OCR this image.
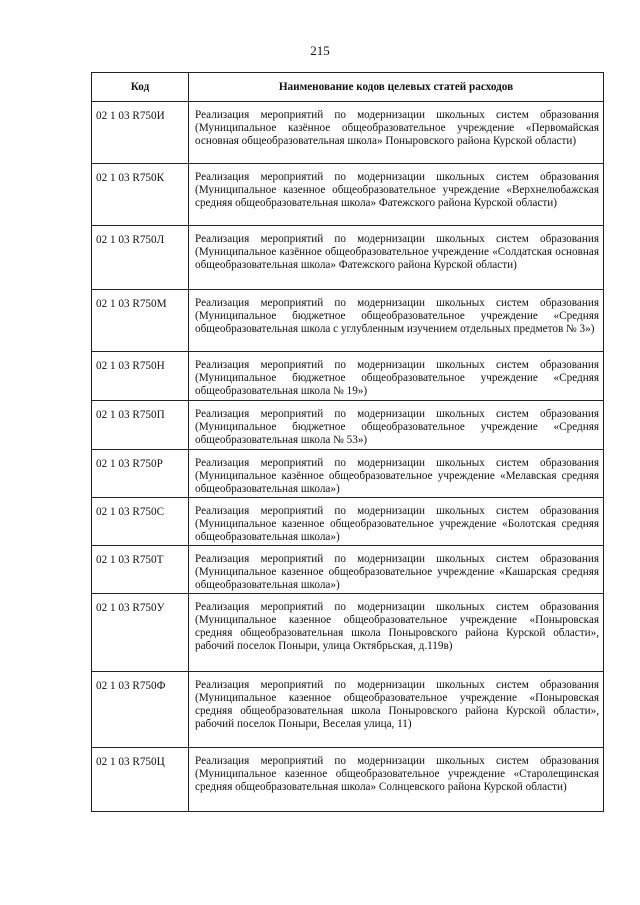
215
Код	Наименование кодов целевых статей расходов
02 1 03 R750И	Реализация мероприятий по модернизации школьных систем образования (Муниципальное казённое общеобразовательное учреждение «Первомайская основная общеобразовательная школа» Поныровского района Курской области)
02 1 03 R750К	Реализация мероприятий по модернизации школьных систем образования (Муниципальное казенное общеобразовательное учреждение «Верхнелюбажская средняя общеобразовательная школа» Фатежского района Курской области)
02 1 03 R750Л	Реализация мероприятий по модернизации школьных систем образования (Муниципальное казённое общеобразовательное учреждение «Солдатская основная общеобразовательная школа» Фатежского района Курской области)
02 1 03 R750М	Реализация мероприятий по модернизации школьных систем образования (Муниципальное бюджетное общеобразовательное учреждение «Средняя общеобразовательная школа с углубленным изучением отдельных предметов № 3»)
02 1 03 R750Н	Реализация мероприятий по модернизации школьных систем образования (Муниципальное бюджетное общеобразовательное учреждение «Средняя общеобразовательная школа № 19»)
02 1 03 R750П	Реализация мероприятий по модернизации школьных систем образования (Муниципальное бюджетное общеобразовательное учреждение «Средняя общеобразовательная школа № 53»)
02 1 03 R750Р	Реализация мероприятий по модернизации школьных систем образования (Муниципальное казённое общеобразовательное учреждение «Мелавская средняя общеобразовательная школа»)
02 1 03 R750С	Реализация мероприятий по модернизации школьных систем образования (Муниципальное казенное общеобразовательное учреждение «Болотская средняя общеобразовательная школа»)
02 1 03 R750Т	Реализация мероприятий по модернизации школьных систем образования (Муниципальное казенное общеобразовательное учреждение «Кашарская средняя общеобразовательная школа»)
02 1 03 R750У	Реализация мероприятий по модернизации школьных систем образования (Муниципальное казенное общеобразовательное учреждение «Поныровская средняя общеобразовательная школа Поныровского района Курской области», рабочий поселок Поныри, улица Октябрьская, д.119в)
02 1 03 R750Ф	Реализация мероприятий по модернизации школьных систем образования (Муниципальное казенное общеобразовательное учреждение «Поныровская средняя общеобразовательная школа Поныровского района Курской области», рабочий поселок Поныри, Веселая улица, 11)
02 1 03 R750Ц	Реализация мероприятий по модернизации школьных систем образования (Муниципальное казенное общеобразовательное учреждение «Старолещинская средняя общеобразовательная школа» Солнцевского района Курской области)
